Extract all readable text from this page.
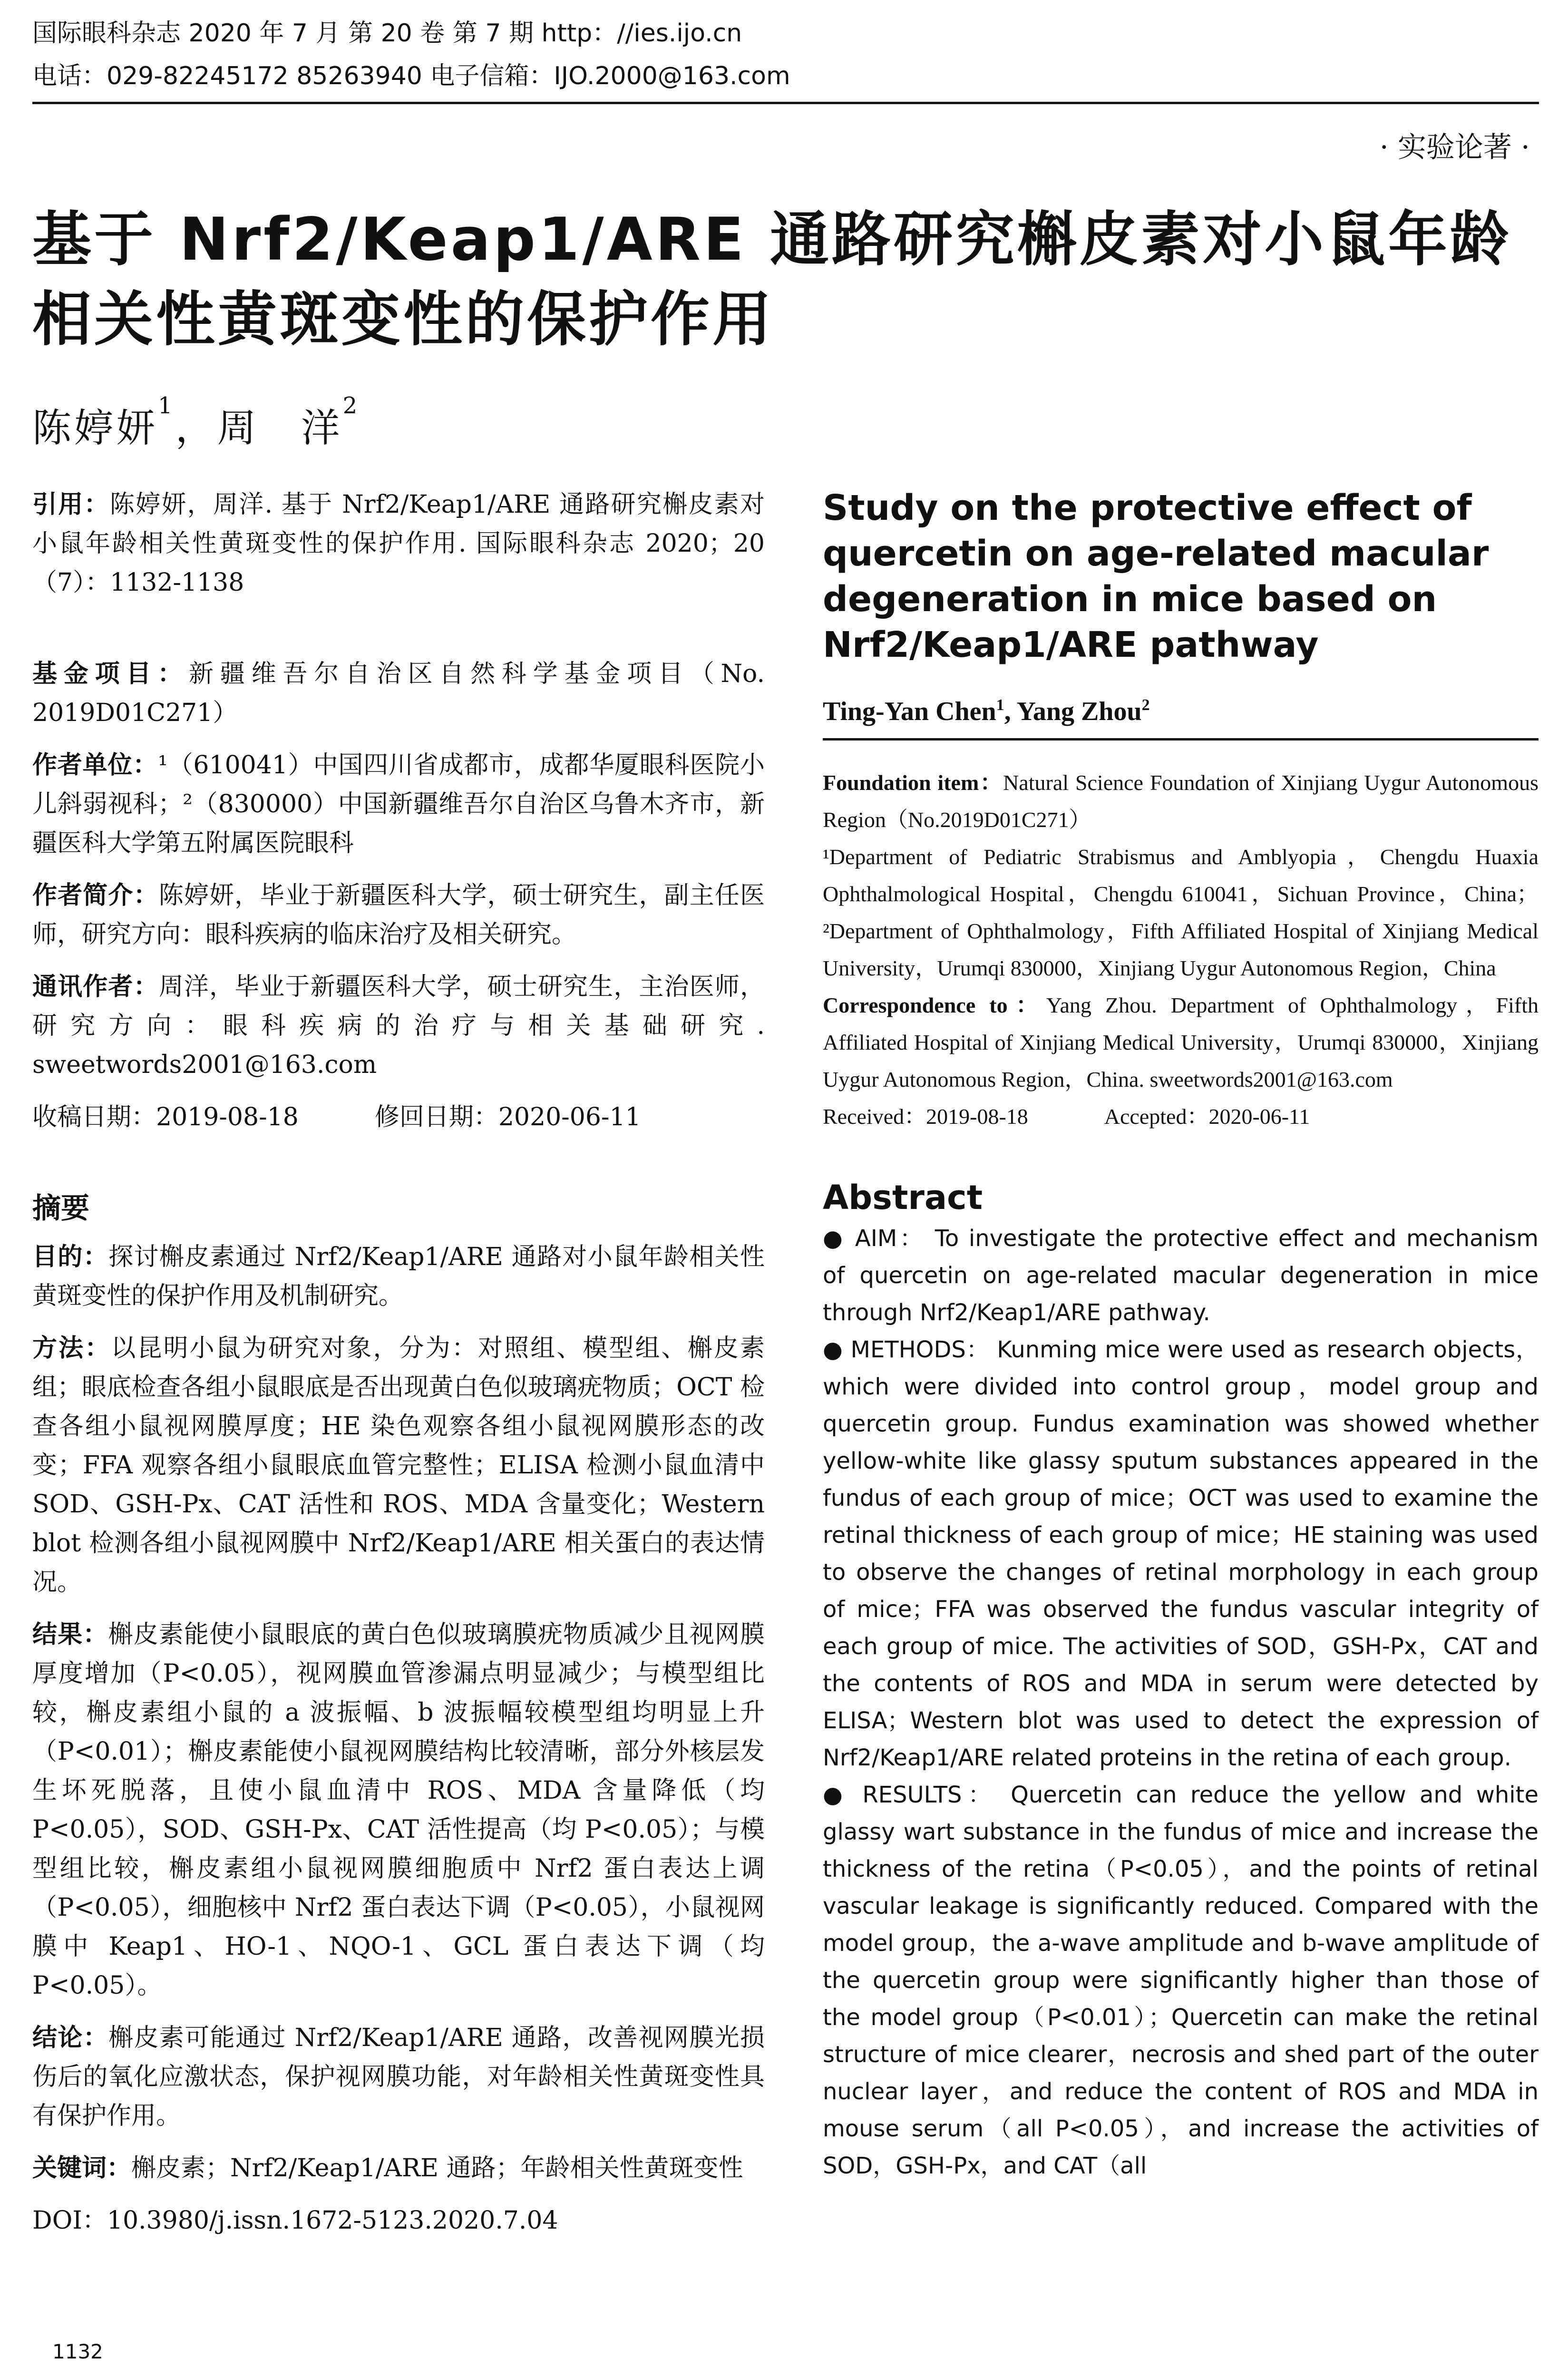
国际眼科杂志 2020 年 7 月 第 20 卷 第 7 期 http：//ies.ijo.cn
电话：029-82245172 85263940 电子信箱：IJO.2000@163.com
· 实验论著 ·
基于 Nrf2/Keap1/ARE 通路研究槲皮素对小鼠年龄相关性黄斑变性的保护作用
陈婷妍$^1$，周　洋$^2$
引用：陈婷妍，周洋. 基于 Nrf2/Keap1/ARE 通路研究槲皮素对小鼠年龄相关性黄斑变性的保护作用. 国际眼科杂志 2020；20（7）：1132-1138
基金项目：新疆维吾尔自治区自然科学基金项目（No. 2019D01C271）
作者单位：¹（610041）中国四川省成都市，成都华厦眼科医院小儿斜弱视科；²（830000）中国新疆维吾尔自治区乌鲁木齐市，新疆医科大学第五附属医院眼科
作者简介：陈婷妍，毕业于新疆医科大学，硕士研究生，副主任医师，研究方向：眼科疾病的临床治疗及相关研究。
通讯作者：周洋，毕业于新疆医科大学，硕士研究生，主治医师，研究方向：眼科疾病的治疗与相关基础研究. sweetwords2001@163.com
收稿日期：2019-08-18	修回日期：2020-06-11
摘要
目的：探讨槲皮素通过 Nrf2/Keap1/ARE 通路对小鼠年龄相关性黄斑变性的保护作用及机制研究。
方法：以昆明小鼠为研究对象，分为：对照组、模型组、槲皮素组；眼底检查各组小鼠眼底是否出现黄白色似玻璃疣物质；OCT 检查各组小鼠视网膜厚度；HE 染色观察各组小鼠视网膜形态的改变；FFA 观察各组小鼠眼底血管完整性；ELISA 检测小鼠血清中 SOD、GSH-Px、CAT 活性和 ROS、MDA 含量变化；Western blot 检测各组小鼠视网膜中 Nrf2/Keap1/ARE 相关蛋白的表达情况。
结果：槲皮素能使小鼠眼底的黄白色似玻璃膜疣物质减少且视网膜厚度增加（P<0.05），视网膜血管渗漏点明显减少；与模型组比较，槲皮素组小鼠的 a 波振幅、b 波振幅较模型组均明显上升（P<0.01）；槲皮素能使小鼠视网膜结构比较清晰，部分外核层发生坏死脱落，且使小鼠血清中 ROS、MDA 含量降低（均 P<0.05），SOD、GSH-Px、CAT 活性提高（均 P<0.05）；与模型组比较，槲皮素组小鼠视网膜细胞质中 Nrf2 蛋白表达上调（P<0.05），细胞核中 Nrf2 蛋白表达下调（P<0.05），小鼠视网膜中 Keap1、HO-1、NQO-1、GCL 蛋白表达下调（均 P<0.05）。
结论：槲皮素可能通过 Nrf2/Keap1/ARE 通路，改善视网膜光损伤后的氧化应激状态，保护视网膜功能，对年龄相关性黄斑变性具有保护作用。
关键词：槲皮素；Nrf2/Keap1/ARE 通路；年龄相关性黄斑变性
DOI：10.3980/j.issn.1672-5123.2020.7.04
Study on the protective effect of quercetin on age-related macular degeneration in mice based on Nrf2/Keap1/ARE pathway
Ting-Yan Chen$^1$, Yang Zhou$^2$
Foundation item：Natural Science Foundation of Xinjiang Uygur Autonomous Region（No.2019D01C271）
¹Department of Pediatric Strabismus and Amblyopia，Chengdu Huaxia Ophthalmological Hospital，Chengdu 610041，Sichuan Province，China；²Department of Ophthalmology，Fifth Affiliated Hospital of Xinjiang Medical University，Urumqi 830000，Xinjiang Uygur Autonomous Region，China
Correspondence to：Yang Zhou. Department of Ophthalmology，Fifth Affiliated Hospital of Xinjiang Medical University，Urumqi 830000，Xinjiang Uygur Autonomous Region，China. sweetwords2001@163.com
Received：2019-08-18	Accepted：2020-06-11
Abstract
● AIM： To investigate the protective effect and mechanism of quercetin on age-related macular degeneration in mice through Nrf2/Keap1/ARE pathway.
● METHODS： Kunming mice were used as research objects，which were divided into control group，model group and quercetin group. Fundus examination was showed whether yellow-white like glassy sputum substances appeared in the fundus of each group of mice；OCT was used to examine the retinal thickness of each group of mice；HE staining was used to observe the changes of retinal morphology in each group of mice；FFA was observed the fundus vascular integrity of each group of mice. The activities of SOD，GSH-Px，CAT and the contents of ROS and MDA in serum were detected by ELISA；Western blot was used to detect the expression of Nrf2/Keap1/ARE related proteins in the retina of each group.
● RESULTS： Quercetin can reduce the yellow and white glassy wart substance in the fundus of mice and increase the thickness of the retina（P<0.05），and the points of retinal vascular leakage is significantly reduced. Compared with the model group，the a-wave amplitude and b-wave amplitude of the quercetin group were significantly higher than those of the model group（P<0.01）；Quercetin can make the retinal structure of mice clearer，necrosis and shed part of the outer nuclear layer，and reduce the content of ROS and MDA in mouse serum（all P<0.05），and increase the activities of SOD，GSH-Px，and CAT（all
1132
